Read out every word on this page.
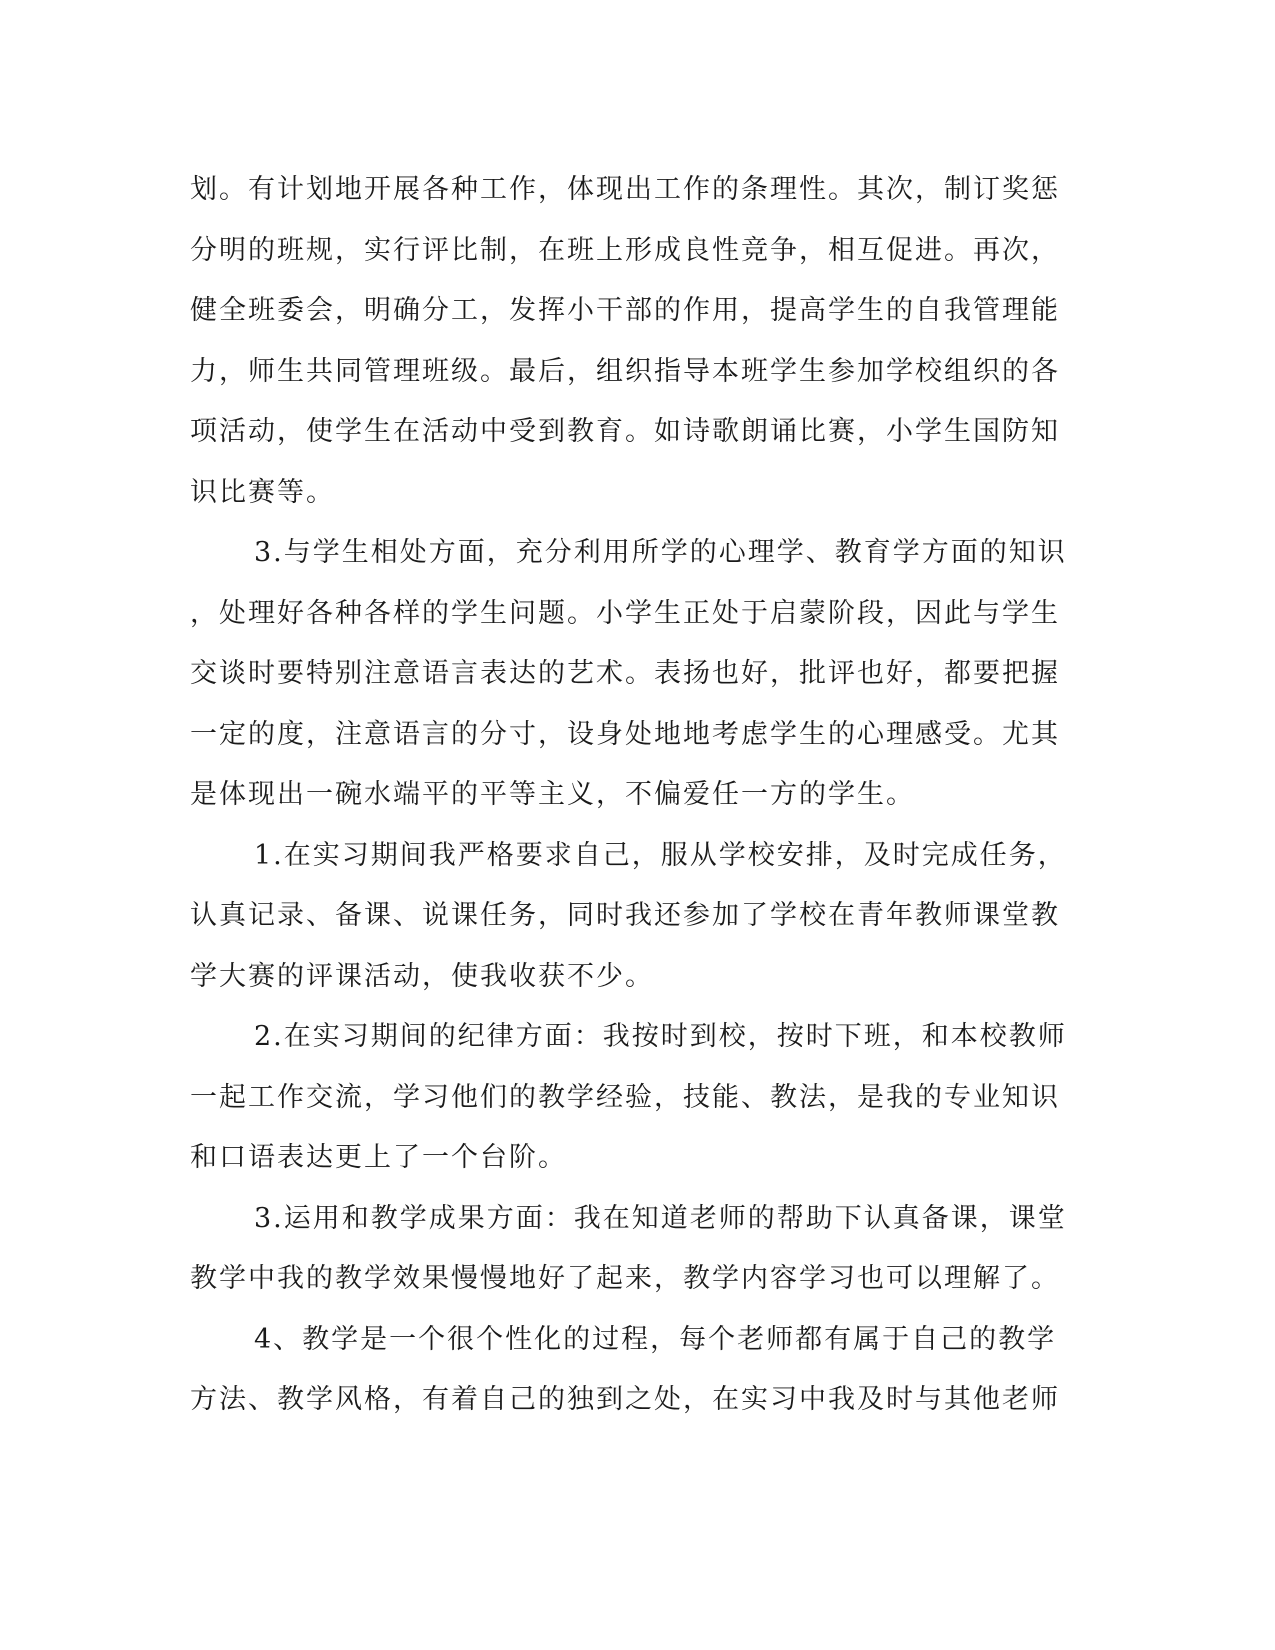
划。有计划地开展各种工作，体现出工作的条理性。其次，制订奖惩
分明的班规，实行评比制，在班上形成良性竞争，相互促进。再次，
健全班委会，明确分工，发挥小干部的作用，提高学生的自我管理能
力，师生共同管理班级。最后，组织指导本班学生参加学校组织的各
项活动，使学生在活动中受到教育。如诗歌朗诵比赛，小学生国防知
识比赛等。
3.与学生相处方面，充分利用所学的心理学、教育学方面的知识
，处理好各种各样的学生问题。小学生正处于启蒙阶段，因此与学生
交谈时要特别注意语言表达的艺术。表扬也好，批评也好，都要把握
一定的度，注意语言的分寸，设身处地地考虑学生的心理感受。尤其
是体现出一碗水端平的平等主义，不偏爱任一方的学生。
1.在实习期间我严格要求自己，服从学校安排，及时完成任务，
认真记录、备课、说课任务，同时我还参加了学校在青年教师课堂教
学大赛的评课活动，使我收获不少。
2.在实习期间的纪律方面：我按时到校，按时下班，和本校教师
一起工作交流，学习他们的教学经验，技能、教法，是我的专业知识
和口语表达更上了一个台阶。
3.运用和教学成果方面：我在知道老师的帮助下认真备课，课堂
教学中我的教学效果慢慢地好了起来，教学内容学习也可以理解了。
4、教学是一个很个性化的过程，每个老师都有属于自己的教学
方法、教学风格，有着自己的独到之处，在实习中我及时与其他老师
